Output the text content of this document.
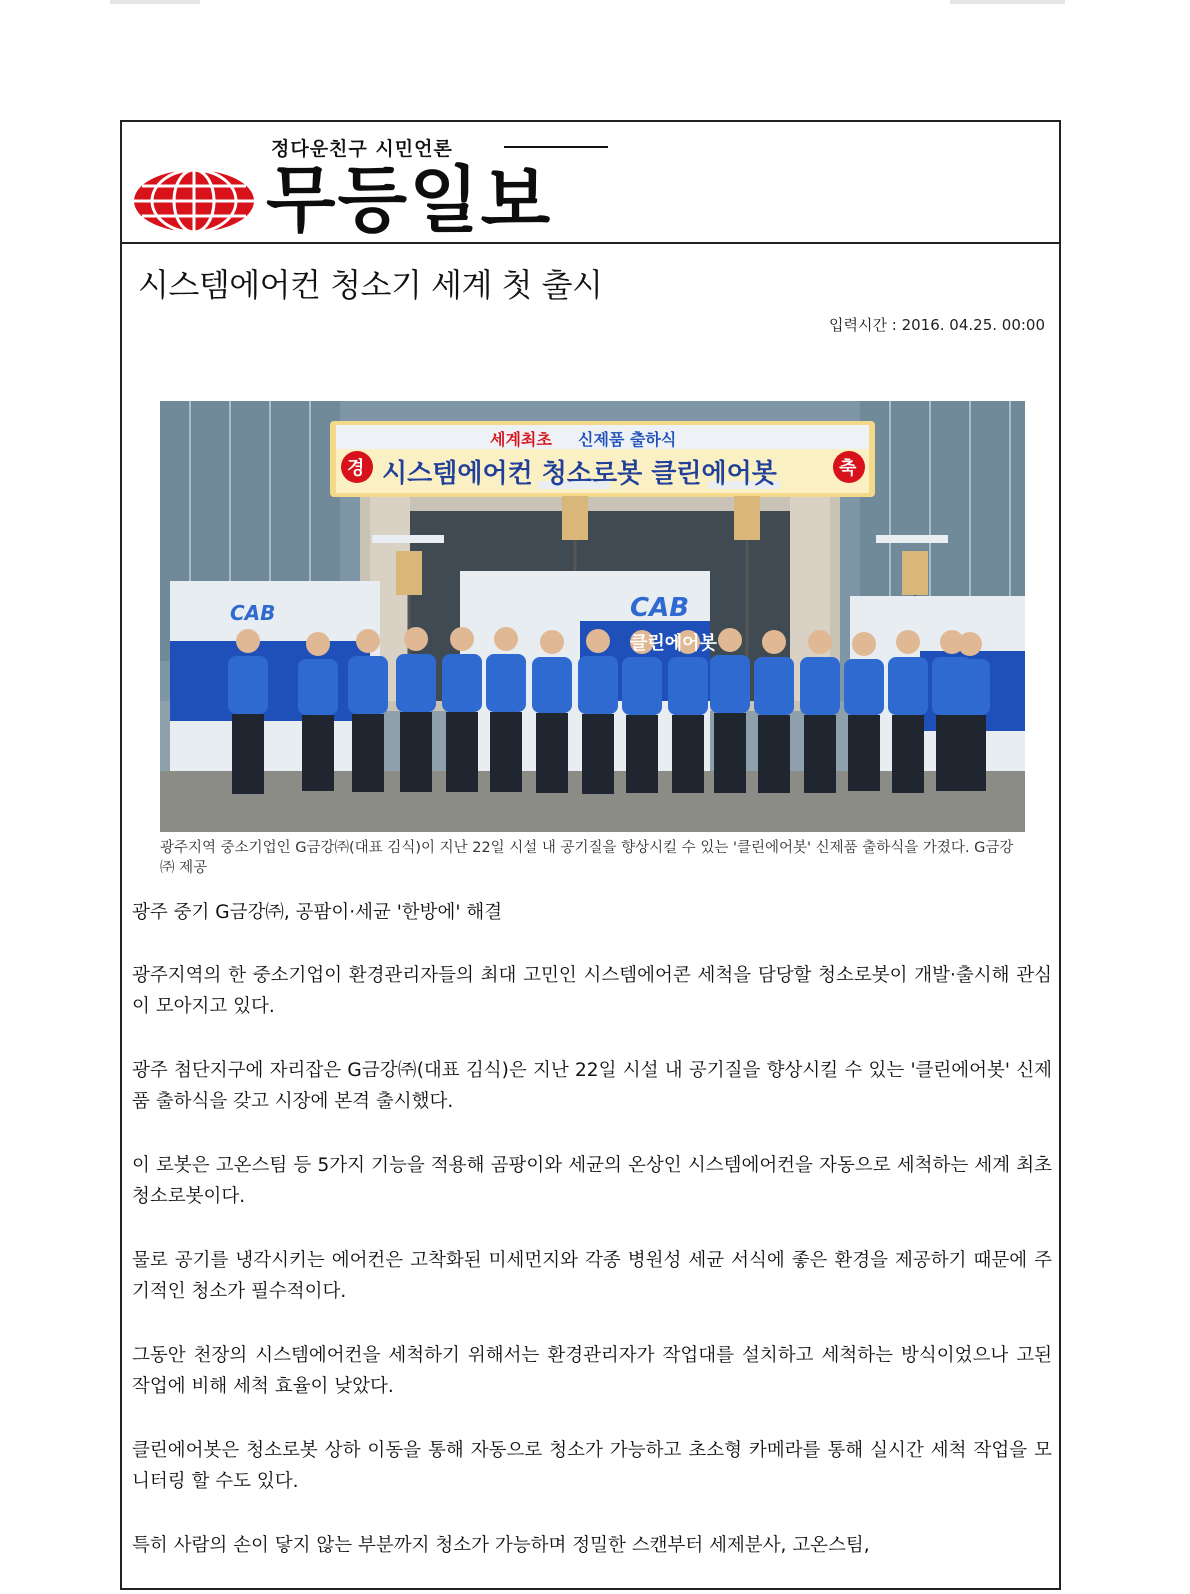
정다운친구 시민언론
무등일보
시스템에어컨 청소기 세계 첫 출시
입력시간 : 2016. 04.25. 00:00
세계최초 신제품 출하식
시스템에어컨 청소로봇 클린에어봇
경	축
CAB
CAB
클린에어봇
광주지역 중소기업인 G금강㈜(대표 김식)이 지난 22일 시설 내 공기질을 향상시킬 수 있는 '클린에어봇' 신제품 출하식을 가졌다. G금강㈜ 제공
광주 중기 G금강㈜, 공팜이·세균 '한방에' 해결

광주지역의 한 중소기업이 환경관리자들의 최대 고민인 시스템에어콘 세척을 담당할 청소로봇이 개발·출시해 관심이 모아지고 있다.

광주 첨단지구에 자리잡은 G금강㈜(대표 김식)은 지난 22일 시설 내 공기질을 향상시킬 수 있는 '클린에어봇' 신제품 출하식을 갖고 시장에 본격 출시했다.

이 로봇은 고온스팀 등 5가지 기능을 적용해 곰팡이와 세균의 온상인 시스템에어컨을 자동으로 세척하는 세계 최초 청소로봇이다.

물로 공기를 냉각시키는 에어컨은 고착화된 미세먼지와 각종 병원성 세균 서식에 좋은 환경을 제공하기 때문에 주기적인 청소가 필수적이다.

그동안 천장의 시스템에어컨을 세척하기 위해서는 환경관리자가 작업대를 설치하고 세척하는 방식이었으나 고된 작업에 비해 세척 효율이 낮았다.

클린에어봇은 청소로봇 상하 이동을 통해 자동으로 청소가 가능하고 초소형 카메라를 통해 실시간 세척 작업을 모니터링 할 수도 있다.

특히 사람의 손이 닿지 않는 부분까지 청소가 가능하며 정밀한 스캔부터 세제분사, 고온스팀,
